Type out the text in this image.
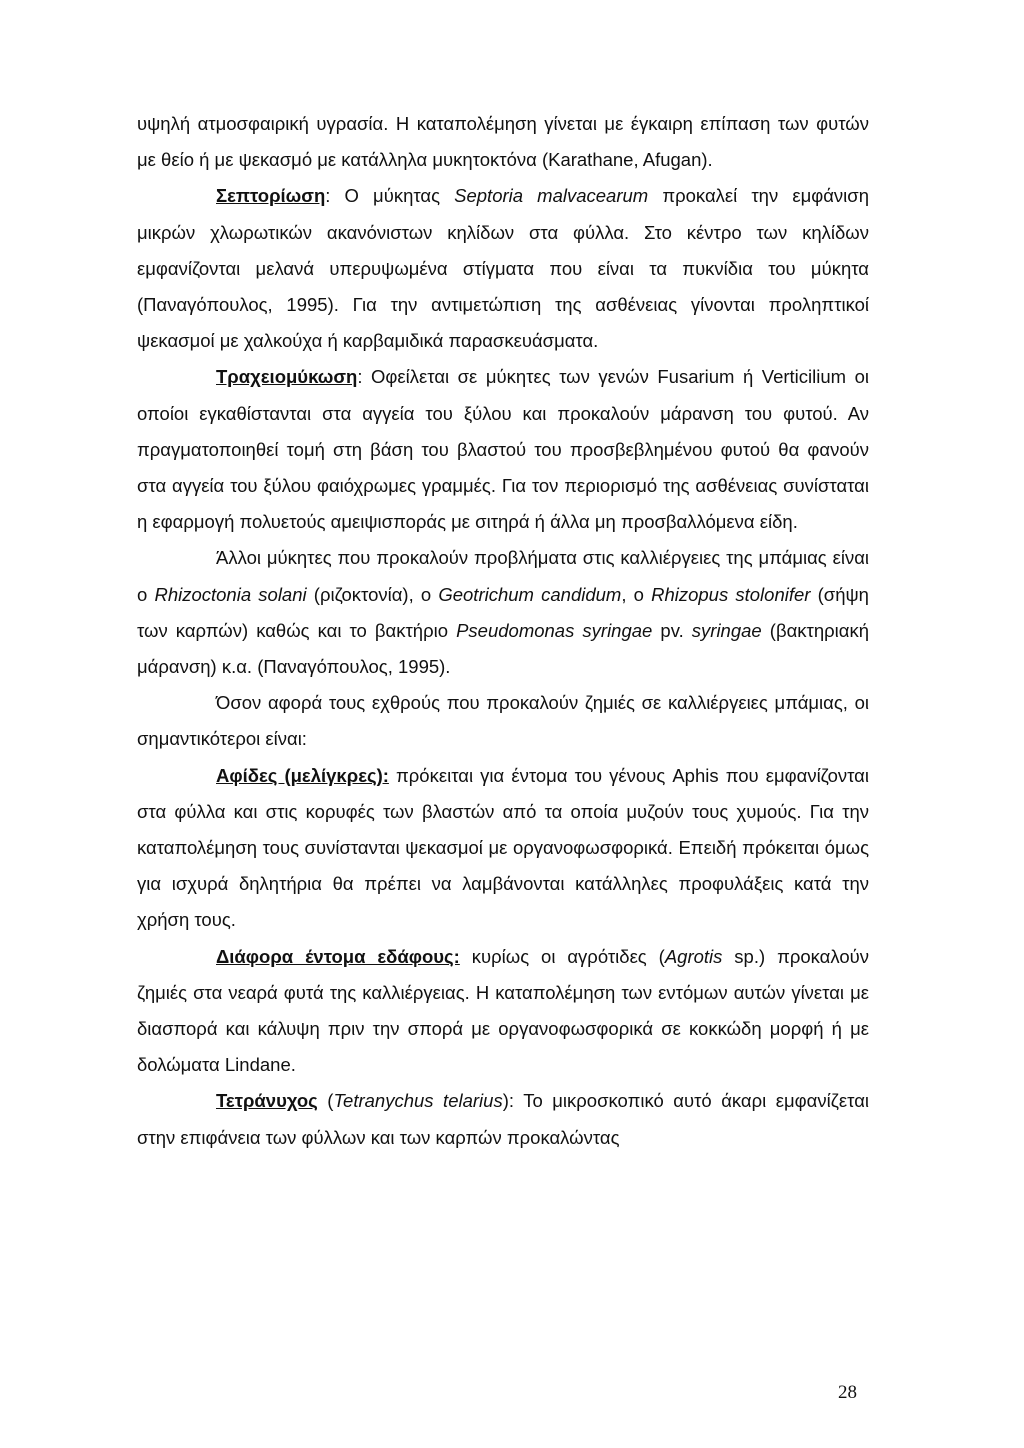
υψηλή ατμοσφαιρική υγρασία. Η καταπολέμηση γίνεται με έγκαιρη επίπαση των φυτών με θείο ή με ψεκασμό με κατάλληλα μυκητοκτόνα (Karathane, Afugan).

Σεπτορίωση: Ο μύκητας Septoria malvacearum προκαλεί την εμφάνιση μικρών χλωρωτικών ακανόνιστων κηλίδων στα φύλλα. Στο κέντρο των κηλίδων εμφανίζονται μελανά υπερυψωμένα στίγματα που είναι τα πυκνίδια του μύκητα (Παναγόπουλος, 1995). Για την αντιμετώπιση της ασθένειας γίνονται προληπτικοί ψεκασμοί με χαλκούχα ή καρβαμιδικά παρασκευάσματα.

Τραχειομύκωση: Οφείλεται σε μύκητες των γενών Fusarium ή Verticilium οι οποίοι εγκαθίστανται στα αγγεία του ξύλου και προκαλούν μάρανση του φυτού. Αν πραγματοποιηθεί τομή στη βάση του βλαστού του προσβεβλημένου φυτού θα φανούν στα αγγεία του ξύλου φαιόχρωμες γραμμές. Για τον περιορισμό της ασθένειας συνίσταται η εφαρμογή πολυετούς αμειψισποράς με σιτηρά ή άλλα μη προσβαλλόμενα είδη.

Άλλοι μύκητες που προκαλούν προβλήματα στις καλλιέργειες της μπάμιας είναι ο Rhizoctonia solani (ριζοκτονία), ο Geotrichum candidum, ο Rhizopus stolonifer (σήψη των καρπών) καθώς και το βακτήριο Pseudomonas syringae pv. syringae (βακτηριακή μάρανση) κ.α. (Παναγόπουλος, 1995).

Όσον αφορά τους εχθρούς που προκαλούν ζημιές σε καλλιέργειες μπάμιας, οι σημαντικότεροι είναι:

Αφίδες (μελίγκρες): πρόκειται για έντομα του γένους Aphis που εμφανίζονται στα φύλλα και στις κορυφές των βλαστών από τα οποία μυζούν τους χυμούς. Για την καταπολέμηση τους συνίστανται ψεκασμοί με οργανοφωσφορικά. Επειδή πρόκειται όμως για ισχυρά δηλητήρια θα πρέπει να λαμβάνονται κατάλληλες προφυλάξεις κατά την χρήση τους.

Διάφορα έντομα εδάφους: κυρίως οι αγρότιδες (Agrotis sp.) προκαλούν ζημιές στα νεαρά φυτά της καλλιέργειας. Η καταπολέμηση των εντόμων αυτών γίνεται με διασπορά και κάλυψη πριν την σπορά με οργανοφωσφορικά σε κοκκώδη μορφή ή με δολώματα Lindane.

Τετράνυχος (Tetranychus telarius): Το μικροσκοπικό αυτό άκαρι εμφανίζεται στην επιφάνεια των φύλλων και των καρπών προκαλώντας

28
